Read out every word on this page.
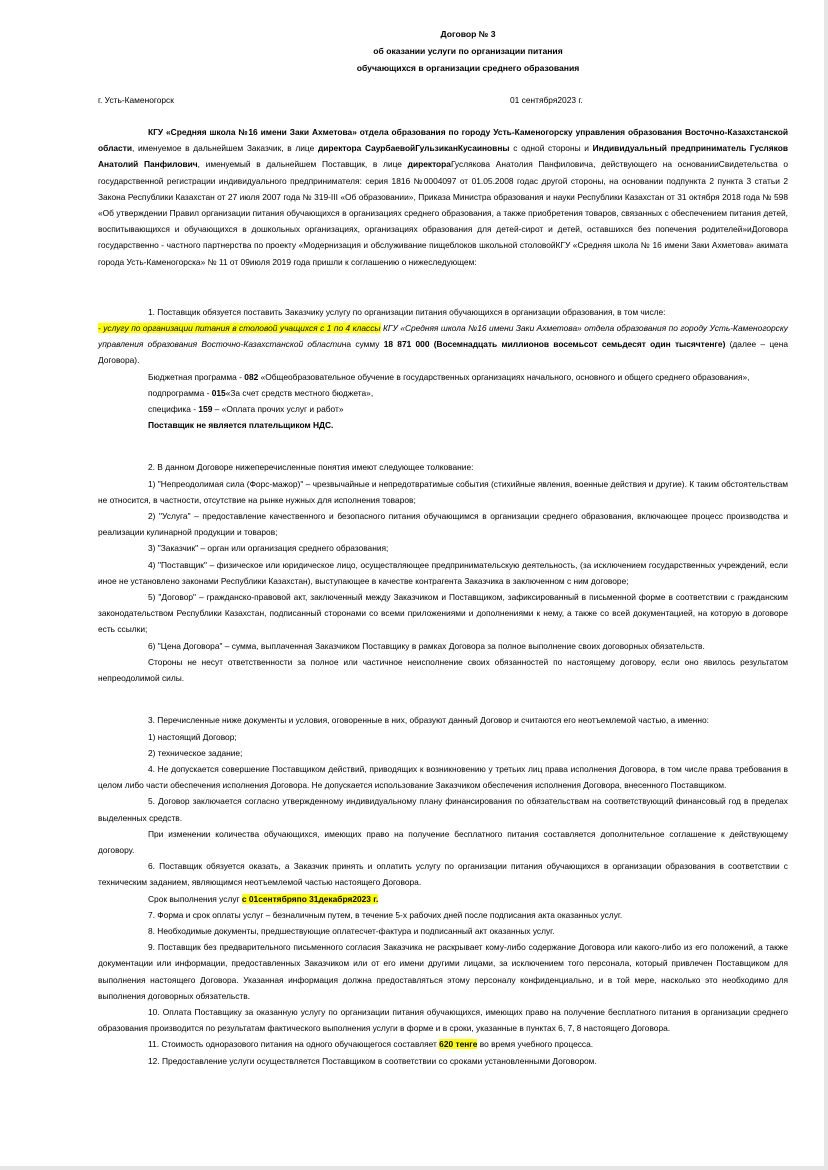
Договор № 3
об оказании услуги по организации питания
обучающихся в организации среднего образования
г. Усть-Каменогорск	01 сентября2023 г.

КГУ «Средняя школа №16 имени Заки Ахметова» отдела образования по городу Усть-Каменогорску управления образования Восточно-Казахстанской области, именуемое в дальнейшем Заказчик, в лице директора СаурбаевойГульзиканКусаиновны с одной стороны и Индивидуальный предприниматель Гусляков Анатолий Панфилович, именуемый в дальнейшем Поставщик, в лице директораГуслякова Анатолия Панфиловича, действующего на основанииСвидетельства о государственной регистрации индивидуального предпринимателя: серия 1816 №0004097 от 01.05.2008 годас другой стороны, на основании подпункта 2 пункта 3 статьи 2 Закона Республики Казахстан от 27 июля 2007 года № 319-III «Об образовании», Приказа Министра образования и науки Республики Казахстан от 31 октября 2018 года № 598 «Об утверждении Правил организации питания обучающихся в организациях среднего образования, а также приобретения товаров, связанных с обеспечением питания детей, воспитывающихся и обучающихся в дошкольных организациях, организациях образования для детей-сирот и детей, оставшихся без попечения родителей»иДоговора государственно - частного партнерства по проекту «Модернизация и обслуживание пищеблоков школьной столовойКГУ «Средняя школа № 16 имени Заки Ахметова» акимата города Усть-Каменогорска» № 11 от 09июля 2019 года пришли к соглашению о нижеследующем:

1. Поставщик обязуется поставить Заказчику услугу по организации питания обучающихся в организации образования, в том числе:

- услугу по организации питания в столовой учащихся с 1 по 4 классы КГУ «Средняя школа №16 имени Заки Ахметова» отдела образования по городу Усть-Каменогорску управления образования Восточно-Казахстанской областина сумму 18 871 000 (Восемнадцать миллионов восемьсот семьдесят один тысячтенге) (далее – цена Договора).

Бюджетная программа - 082 «Общеобразовательное обучение в государственных организациях начального, основного и общего среднего образования»,

подпрограмма - 015«За счет средств местного бюджета»,

специфика - 159 – «Оплата прочих услуг и работ»

Поставщик не является плательщиком НДС.

2. В данном Договоре нижеперечисленные понятия имеют следующее толкование:

1) "Непреодолимая сила (Форс-мажор)" – чрезвычайные и непредотвратимые события (стихийные явления, военные действия и другие). К таким обстоятельствам не относится, в частности, отсутствие на рынке нужных для исполнения товаров;

2) "Услуга" – предоставление качественного и безопасного питания обучающимся в организации среднего образования, включающее процесс производства и реализации кулинарной продукции и товаров;

3) "Заказчик" – орган или организация среднего образования;

4) "Поставщик" – физическое или юридическое лицо, осуществляющее предпринимательскую деятельность, (за исключением государственных учреждений, если иное не установлено законами Республики Казахстан), выступающее в качестве контрагента Заказчика в заключенном с ним договоре;

5) "Договор" – гражданско-правовой акт, заключенный между Заказчиком и Поставщиком, зафиксированный в письменной форме в соответствии с гражданским законодательством Республики Казахстан, подписанный сторонами со всеми приложениями и дополнениями к нему, а также со всей документацией, на которую в договоре есть ссылки;

6) "Цена Договора" – сумма, выплаченная Заказчиком Поставщику в рамках Договора за полное выполнение своих договорных обязательств.

Стороны не несут ответственности за полное или частичное неисполнение своих обязанностей по настоящему договору, если оно явилось результатом непреодолимой силы.

3. Перечисленные ниже документы и условия, оговоренные в них, образуют данный Договор и считаются его неотъемлемой частью, а именно:

1) настоящий Договор;

2) техническое задание;

4. Не допускается совершение Поставщиком действий, приводящих к возникновению у третьих лиц права исполнения Договора, в том числе права требования в целом либо части обеспечения исполнения Договора. Не допускается использование Заказчиком обеспечения исполнения Договора, внесенного Поставщиком.

5. Договор заключается согласно утвержденному индивидуальному плану финансирования по обязательствам на соответствующий финансовый год в пределах выделенных средств.

При изменении количества обучающихся, имеющих право на получение бесплатного питания составляется дополнительное соглашение к действующему договору.

6. Поставщик обязуется оказать, а Заказчик принять и оплатить услугу по организации питания обучающихся в организации образования в соответствии с техническим заданием, являющимся неотъемлемой частью настоящего Договора.

Срок выполнения услуг с 01сентябряпо 31декабря2023 г.

7. Форма и срок оплаты услуг – безналичным путем, в течение 5-х рабочих дней после подписания акта оказанных услуг.

8. Необходимые документы, предшествующие оплатесчет-фактура и подписанный акт оказанных услуг.

9. Поставщик без предварительного письменного согласия Заказчика не раскрывает кому-либо содержание Договора или какого-либо из его положений, а также документации или информации, предоставленных Заказчиком или от его имени другими лицами, за исключением того персонала, который привлечен Поставщиком для выполнения настоящего Договора. Указанная информация должна предоставляться этому персоналу конфиденциально, и в той мере, насколько это необходимо для выполнения договорных обязательств.

10. Оплата Поставщику за оказанную услугу по организации питания обучающихся, имеющих право на получение бесплатного питания в организации среднего образования производится по результатам фактического выполнения услуги в форме и в сроки, указанные в пунктах 6, 7, 8 настоящего Договора.

11. Стоимость одноразового питания на одного обучающегося составляет 620 тенге во время учебного процесса.

12. Предоставление услуги осуществляется Поставщиком в соответствии со сроками установленными Договором.
